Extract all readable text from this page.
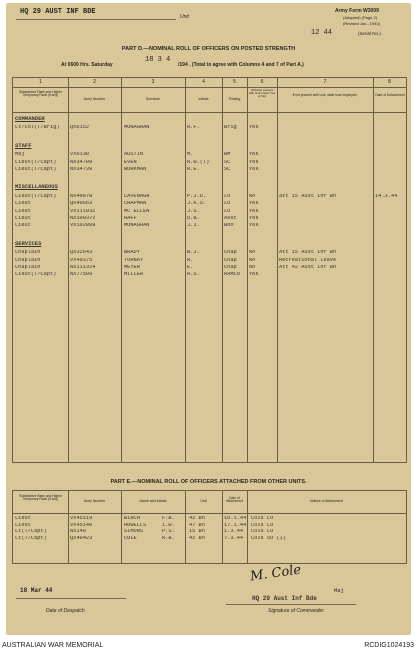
HQ 29 AUST INF BDE
Unit
Army Form W3009
(Adapted) (Page 2)
(Revised Jan., 1943)
12 44	(Serial No.)
PART D.—NOMINAL ROLL OF OFFICERS ON POSTED STRENGTH
At 0600 Hrs. Saturday
18 3 4
/194 . (Total to agree with Columns 4 and 7 of Part A.)
1	2	3	4	5	6	7	8
Substantive Rank and Higher Temporary Rank (if any)
Army Number	Surname	Initials	Posting
Whether present with Unit (insert Yes or No)	If not present with Unit, state how employed.	Date of Detachment
COMMANDER
Lt/Col(T/Brig) QX6152	MONAGHAN	R.F.	Brig Yes
STAFF
Maj	VX6138	AUSTIN	M.	BM	Yes
Lieut(T/Capt)	NX34709	EVEN	R.W.(T)	SC	Yes
Lieut(T/Capt)	NX34739	WORKMAN	R.E.	SC	Yes
MISCELLANEOUS
Lieut(T/Capt)	NX40078	CAVENAGH	P.J.D.	LO	No	att 15 Aust Inf Bn	14.3.44
Lieut	QX40663	CHAPMAN	J.K.S.	LO	Yes
Lieut	VX111032	MC ELLEN	J.S.	LO	Yes
Lieut	NX100372	RAFF	D.B.	Asst Yes
Lieut	VX102889	MONAGHAN	J.J.	Bdo	Yes
SERVICES
Chaplain	QX32643	BRADY	B.J.	Chap No	Att 15 Aust Inf Bn
Chaplain	VX40375	TORNAY	R.	Chap No	Recreational Leave
Chaplain	NX111324	MEYER	E.	Chap No	Att 42 Aust Inf Bn
Lieut(T/Capt)	NX77508	MILLER	R.S.	RAMCO Yes
PART E.—NOMINAL ROLL OF OFFICERS ATTACHED FROM OTHER UNITS.
Substantive Rank and Higher Temporary Rank (if any)	Army Number	Name and Initials	Unit
Date of Attachment	Nature of Attachment
Lieut	VX45119	BIRCH	F.B.	42 Bn	16.1.44 Cois LO
Lieut	VX45140	HOWELLS	I.W.	47 Bn	17.1.44 Cois LO
Lt(T/Capt)	NX149	SIMONS	P.S.	15 Bn	1.3.44 Cois LO
Lt(T/Capt)	QX40423	COLE	R.B.	42 Bn	7.3.44 Cois SO (I)
18 Mar 44
Date of Despatch
M. Cole
Maj
HQ 29 Aust Inf Bde
Signature of Commander
AUSTRALIAN WAR MEMORIAL	RCDIG1024193
